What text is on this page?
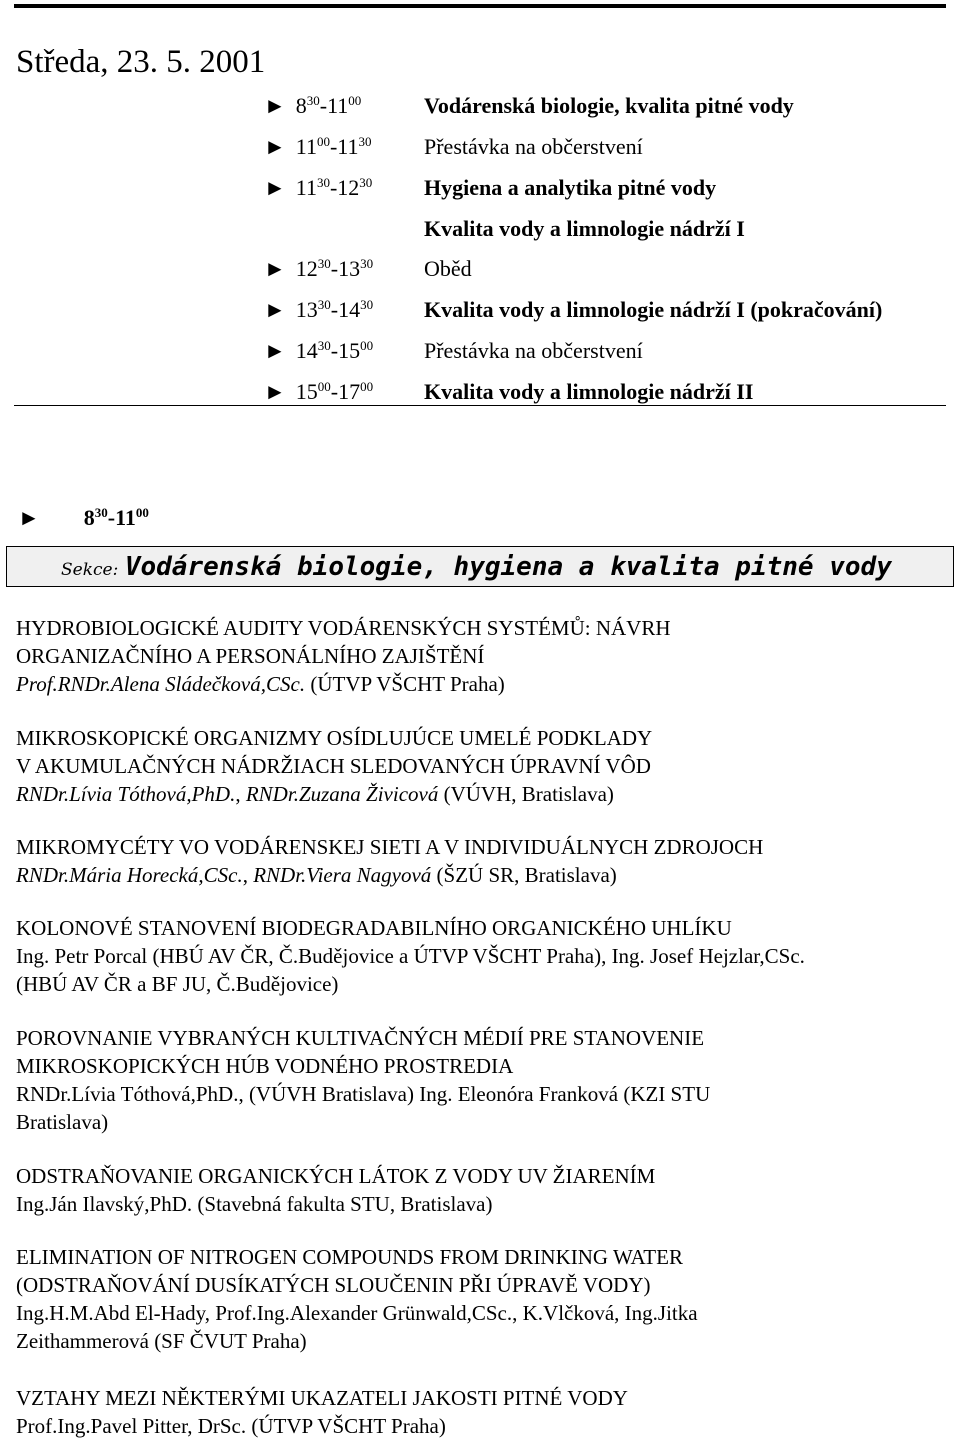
Středa, 23. 5. 2001
► $8^{30}-11^{00}$	Vodárenská biologie, kvalita pitné vody
► $11^{00}-11^{30}$ Přestávka na občerstvení
► $11^{30}-12^{30}$ Hygiena a analytika pitné vody
Kvalita vody a limnologie nádrží I
► $12^{30}-13^{30}$ Oběd
► $13^{30}-14^{30}$ Kvalita vody a limnologie nádrží I (pokračování)
► $14^{30}-15^{00}$ Přestávka na občerstvení
► $15^{00}-17^{00}$ Kvalita vody a limnologie nádrží II
► $8^{30}-11^{00}$
Sekce: Vodárenská biologie, hygiena a kvalita pitné vody
HYDROBIOLOGICKÉ AUDITY VODÁRENSKÝCH SYSTÉMŮ: NÁVRH
ORGANIZAČNÍHO A PERSONÁLNÍHO ZAJIŠTĚNÍ
Prof.RNDr.Alena Sládečková,CSc. (ÚTVP VŠCHT Praha)
MIKROSKOPICKÉ ORGANIZMY OSÍDLUJÚCE UMELÉ PODKLADY
V AKUMULAČNÝCH NÁDRŽIACH SLEDOVANÝCH ÚPRAVNÍ VÔD
RNDr.Lívia Tóthová,PhD., RNDr.Zuzana Živicová (VÚVH, Bratislava)
MIKROMYCÉTY VO VODÁRENSKEJ SIETI A V INDIVIDUÁLNYCH ZDROJOCH
RNDr.Mária Horecká,CSc., RNDr.Viera Nagyová (ŠZÚ SR, Bratislava)
KOLONOVÉ STANOVENÍ BIODEGRADABILNÍHO ORGANICKÉHO UHLÍKU
Ing. Petr Porcal (HBÚ AV ČR, Č.Budějovice a ÚTVP VŠCHT Praha), Ing. Josef Hejzlar,CSc.
(HBÚ AV ČR a BF JU, Č.Budějovice)
POROVNANIE VYBRANÝCH KULTIVAČNÝCH MÉDIÍ PRE STANOVENIE
MIKROSKOPICKÝCH HÚB VODNÉHO PROSTREDIA
RNDr.Lívia Tóthová,PhD., (VÚVH Bratislava) Ing. Eleonóra Franková (KZI STU
Bratislava)
ODSTRAŇOVANIE ORGANICKÝCH LÁTOK Z VODY UV ŽIARENÍM
Ing.Ján Ilavský,PhD. (Stavebná fakulta STU, Bratislava)
ELIMINATION OF NITROGEN COMPOUNDS FROM DRINKING WATER
(ODSTRAŇOVÁNÍ DUSÍKATÝCH SLOUČENIN PŘI ÚPRAVĚ VODY)
Ing.H.M.Abd El-Hady, Prof.Ing.Alexander Grünwald,CSc., K.Vlčková, Ing.Jitka
Zeithammerová (SF ČVUT Praha)
VZTAHY MEZI NĚKTERÝMI UKAZATELI JAKOSTI PITNÉ VODY
Prof.Ing.Pavel Pitter, DrSc. (ÚTVP VŠCHT Praha)
